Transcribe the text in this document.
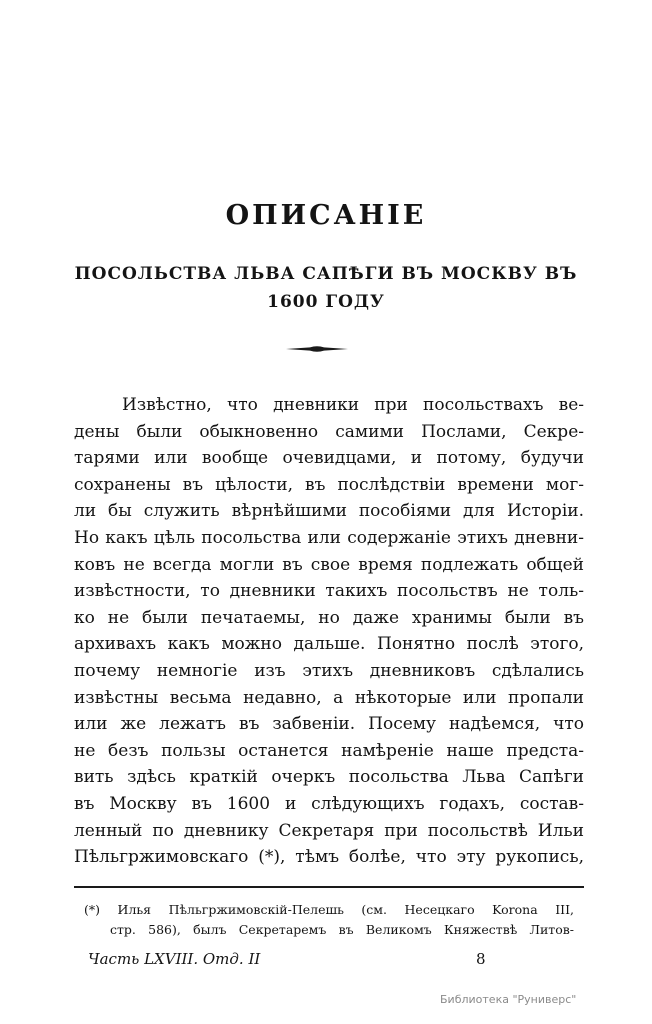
ОПИСАНІЕ
ПОСОЛЬСТВА ЛЬВА САПѢГИ ВЪ МОСКВУ ВЪ
1600 ГОДУ
Извѣстно, что дневники при посольствахъ ве-
дены были обыкновенно самими Послами, Секре-
тарями или вообще очевидцами, и потому, будучи
сохранены въ цѣлости, въ послѣдствіи времени мог-
ли бы служить вѣрнѣйшими пособіями для Исторіи.
Но какъ цѣль посольства или содержаніе этихъ дневни-
ковъ не всегда могли въ свое время подлежать общей
извѣстности, то дневники такихъ посольствъ не толь-
ко не были печатаемы, но даже хранимы были въ
архивахъ какъ можно дальше. Понятно послѣ этого,
почему немногіе изъ этихъ дневниковъ сдѣлались
извѣстны весьма недавно, а нѣкоторые или пропали
или же лежатъ въ забвеніи. Посему надѣемся, что
не безъ пользы останется намѣреніе наше предста-
вить здѣсь краткій очеркъ посольства Льва Сапѣги
въ Москву въ 1600 и слѣдующихъ годахъ, состав-
ленный по дневнику Секретаря при посольствѣ Ильи
Пѣльгржимовскаго (*), тѣмъ болѣе, что эту рукопись,
(*) Илья Пѣльгржимовскій-Пелешь (см. Несецкаго Korona III,
стр. 586), былъ Секретаремъ въ Великомъ Княжествѣ Литов-
Часть LXVIII. Отд. II	8
Библиотека "Руниверс"
